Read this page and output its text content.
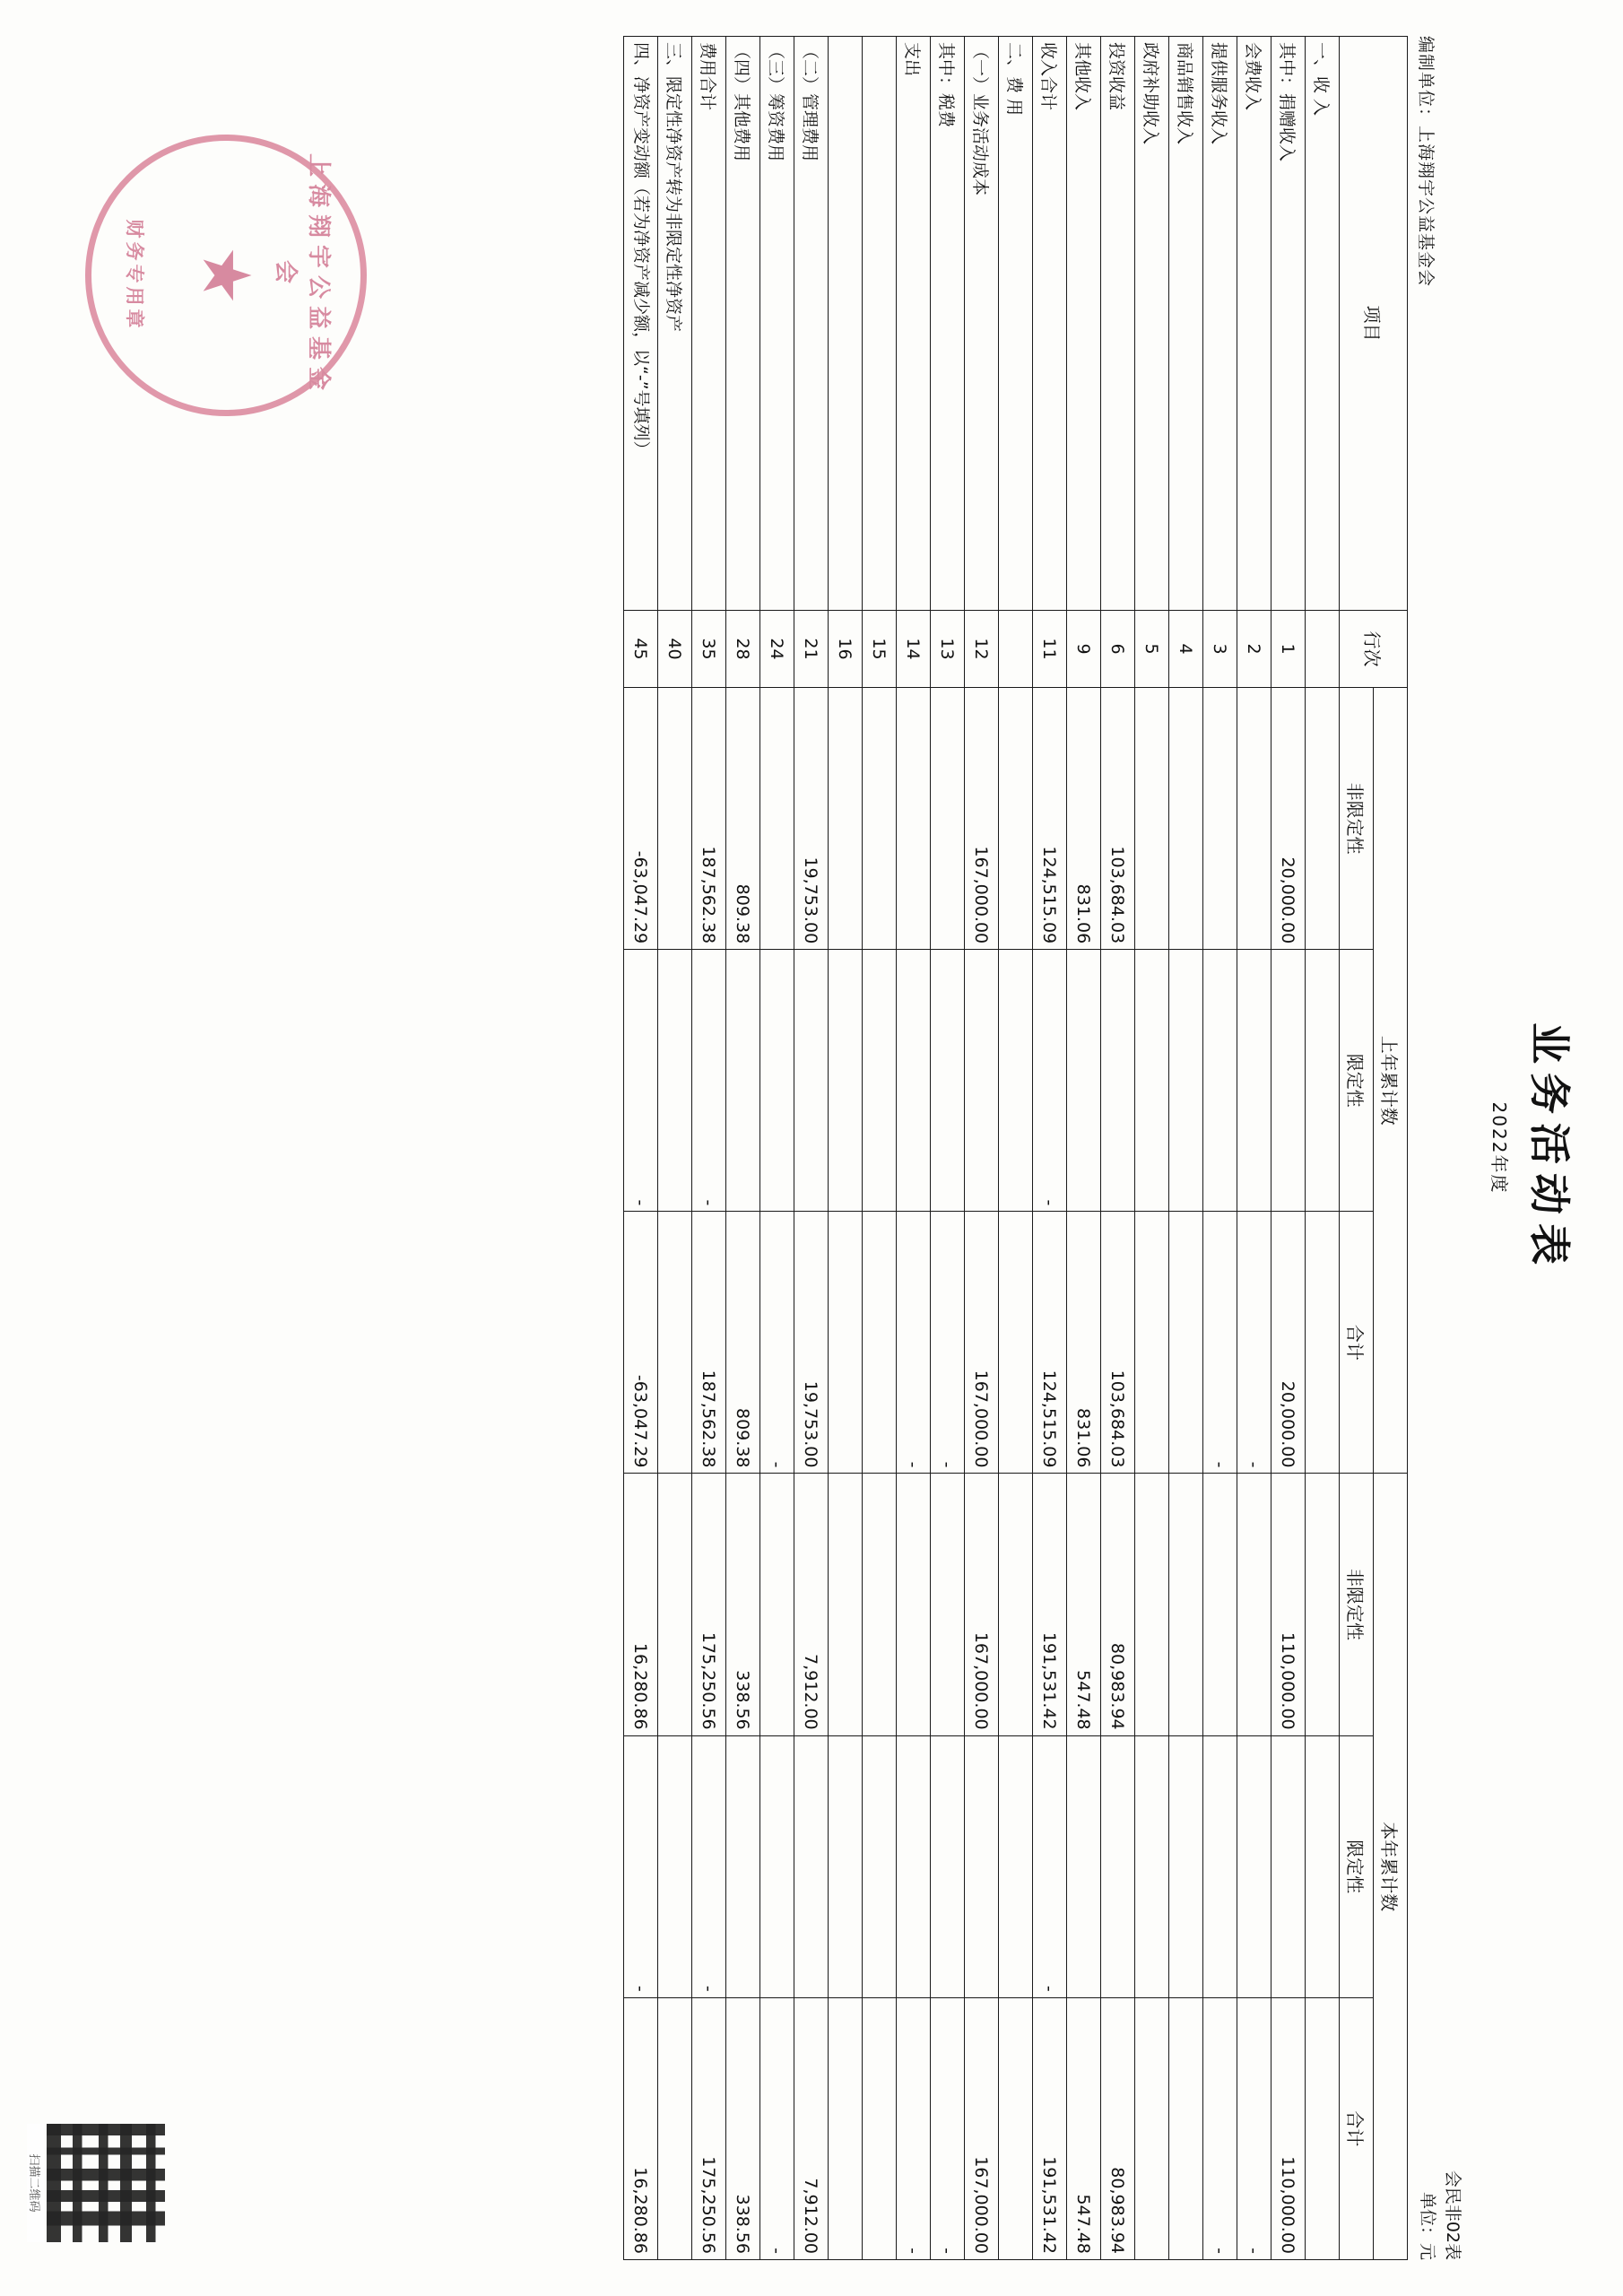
业务活动表
2022年度
编制单位：上海翔宇公益基金会
会民非02表
单位：元
项目	行次	上年累计数			本年累计数		
		非限定性	限定性	合计	非限定性	限定性	合计
一、收 入							
其中：捐赠收入	1	20,000.00		20,000.00	110,000.00		110,000.00
会费收入	2			-			-
提供服务收入	3			-			-
商品销售收入	4						
政府补助收入	5						
投资收益	6	103,684.03		103,684.03	80,983.94		80,983.94
其他收入	9	831.06		831.06	547.48		547.48
收入合计	11	124,515.09	-	124,515.09	191,531.42	-	191,531.42
二、费 用							
（一）业务活动成本	12	167,000.00		167,000.00	167,000.00		167,000.00
其中：税费	13			-			-
支出	14			-			-
	15						
	16						
（二）管理费用	21	19,753.00		19,753.00	7,912.00		7,912.00
（三）筹资费用	24			-			-
（四）其他费用	28	809.38		809.38	338.56		338.56
费用合计	35	187,562.38	-	187,562.38	175,250.56	-	175,250.56
三、限定性净资产转为非限定性净资产	40						
四、净资产变动额（若为净资产减少额，以“-”号填列）	45	-63,047.29	-	-63,047.29	16,280.86	-	16,280.86
上海翔宇公益基金会
★
财务专用章
扫描二维码
